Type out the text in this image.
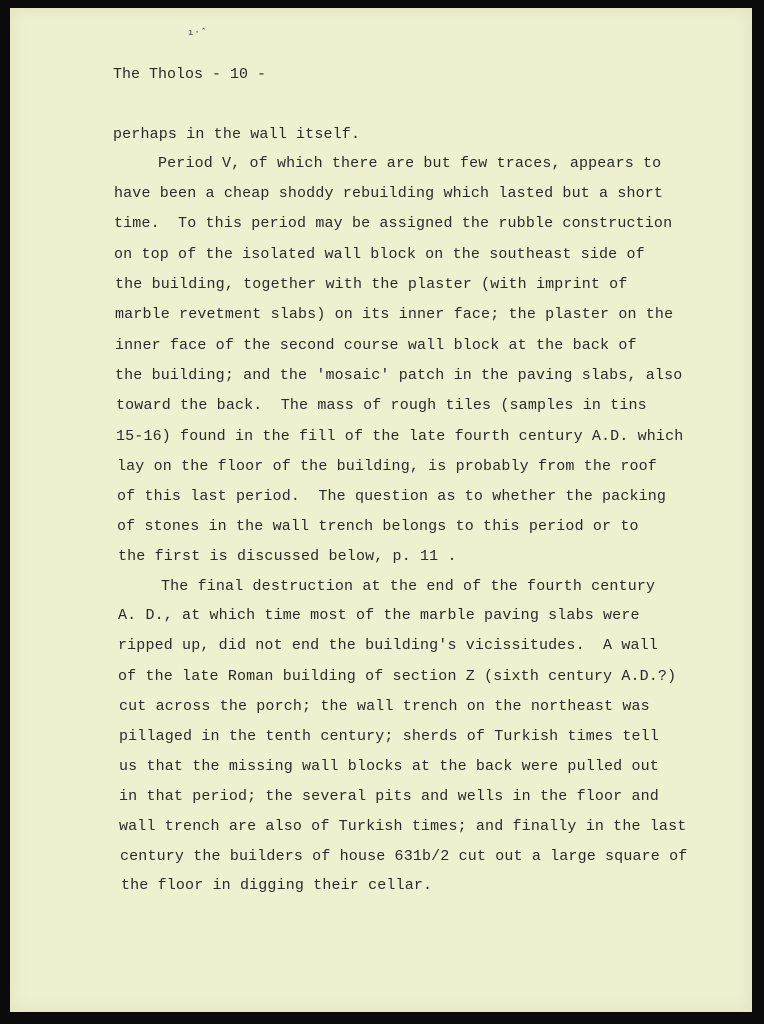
ı·ˆ
The Tholos - 10 -
perhaps in the wall itself.
Period V, of which there are but few traces, appears to
have been a cheap shoddy rebuilding which lasted but a short
time.  To this period may be assigned the rubble construction
on top of the isolated wall block on the southeast side of
the building, together with the plaster (with imprint of
marble revetment slabs) on its inner face; the plaster on the
inner face of the second course wall block at the back of
the building; and the 'mosaic' patch in the paving slabs, also
toward the back.  The mass of rough tiles (samples in tins
15-16) found in the fill of the late fourth century A.D. which
lay on the floor of the building, is probably from the roof
of this last period.  The question as to whether the packing
of stones in the wall trench belongs to this period or to
the first is discussed below, p. 11 .
The final destruction at the end of the fourth century
A. D., at which time most of the marble paving slabs were
ripped up, did not end the building's vicissitudes.  A wall
of the late Roman building of section Z (sixth century A.D.?)
cut across the porch; the wall trench on the northeast was
pillaged in the tenth century; sherds of Turkish times tell
us that the missing wall blocks at the back were pulled out
in that period; the several pits and wells in the floor and
wall trench are also of Turkish times; and finally in the last
century the builders of house 631b/2 cut out a large square of
the floor in digging their cellar.
